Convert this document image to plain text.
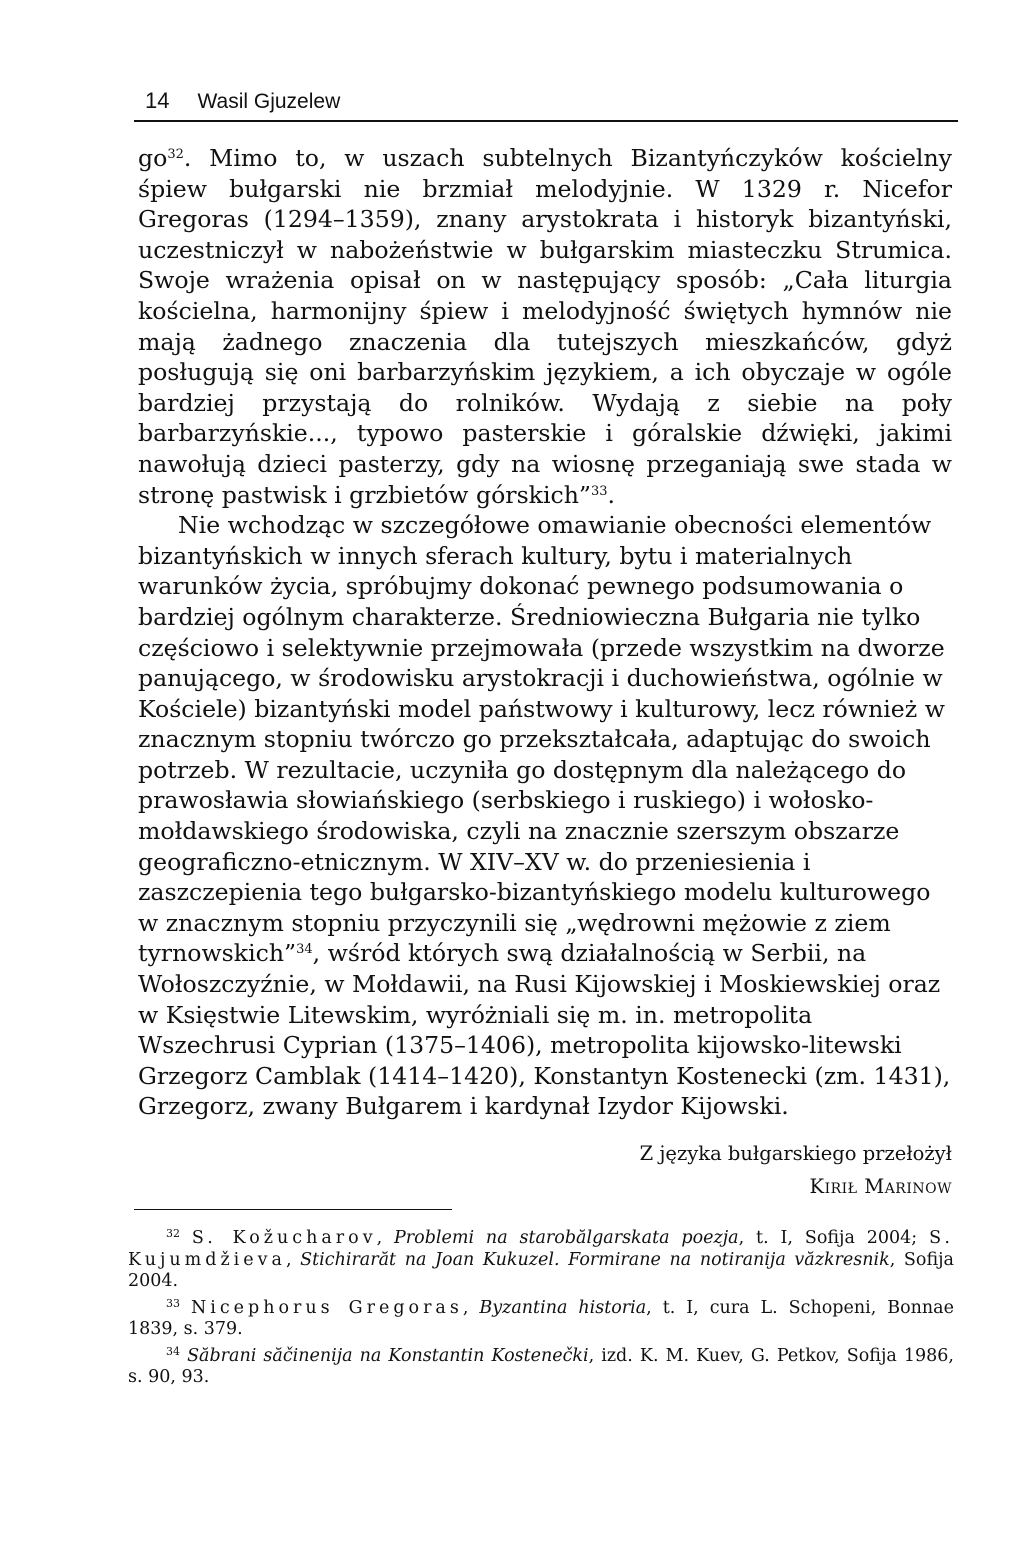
14 Wasil Gjuzelew

$go^{32}$. Mimo to, w uszach subtelnych Bizantyńczyków kościelny śpiew bułgarski nie brzmiał melodyjnie. W 1329 r. Nicefor Gregoras (1294–1359), znany arystokrata i historyk bizantyński, uczestniczył w nabożeństwie w bułgarskim miasteczku Strumica. Swoje wrażenia opisał on w następujący sposób: „Cała liturgia kościelna, harmonijny śpiew i melodyjność świętych hymnów nie mają żadnego znaczenia dla tutejszych mieszkańców, gdyż posługują się oni barbarzyńskim językiem, a ich obyczaje w ogóle bardziej przystają do rolników. Wydają z siebie na poły barbarzyńskie..., typowo pasterskie i góralskie dźwięki, jakimi nawołują dzieci pasterzy, gdy na wiosnę przeganiają swe stada w stronę pastwisk i grzbietów górskich”$^{33}$.

Nie wchodząc w szczegółowe omawianie obecności elementów bizantyńskich w innych sferach kultury, bytu i materialnych warunków życia, spróbujmy dokonać pewnego podsumowania o bardziej ogólnym charakterze. Średniowieczna Bułgaria nie tylko częściowo i selektywnie przejmowała (przede wszystkim na dworze panującego, w środowisku arystokracji i duchowieństwa, ogólnie w Kościele) bizantyński model państwowy i kulturowy, lecz również w znacznym stopniu twórczo go przekształcała, adaptując do swoich potrzeb. W rezultacie, uczyniła go dostępnym dla należącego do prawosławia słowiańskiego (serbskiego i ruskiego) i wołosko-mołdawskiego środowiska, czyli na znacznie szerszym obszarze geograficzno-etnicznym. W XIV–XV w. do przeniesienia i zaszczepienia tego bułgarsko-bizantyńskiego modelu kulturowego w znacznym stopniu przyczynili się „wędrowni mężowie z ziem tyrnowskich”$^{34}$, wśród których swą działalnością w Serbii, na Wołoszczyźnie, w Mołdawii, na Rusi Kijowskiej i Moskiewskiej oraz w Księstwie Litewskim, wyróżniali się m. in. metropolita Wszechrusi Cyprian (1375–1406), metropolita kijowsko-litewski Grzegorz Camblak (1414–1420), Konstantyn Kostenecki (zm. 1431), Grzegorz, zwany Bułgarem i kardynał Izydor Kijowski.

Z języka bułgarskiego przełożył
Kirił Marinow

$^{32}$ S. Kožucharov, Problemi na starobălgarskata poezja, t. I, Sofija 2004; S. Kujumdžieva, Stichirarăt na Joan Kukuzel. Formirane na notiranija văzkresnik, Sofija 2004.

$^{33}$ Nicephorus Gregoras, Byzantina historia, t. I, cura L. Schopeni, Bonnae 1839, s. 379.

$^{34}$ Săbrani săčinenija na Konstantin Kostenečki, izd. K. M. Kuev, G. Petkov, Sofija 1986, s. 90, 93.
